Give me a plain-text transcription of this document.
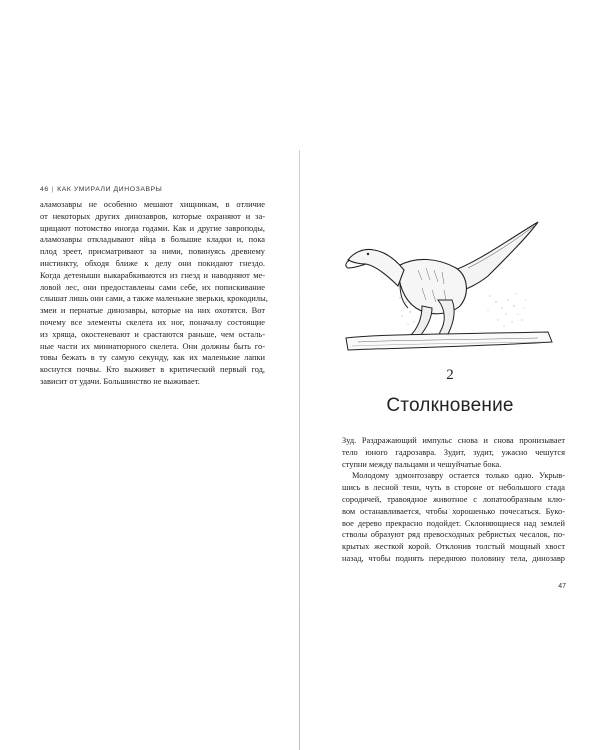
46 | КАК УМИРАЛИ ДИНОЗАВРЫ
аламозавры не особенно мешают хищникам, в отличие
от некоторых других динозавров, которые охраняют и за-
щищают потомство иногда годами. Как и другие завроподы,
аламозавры откладывают яйца в большие кладки и, пока
плод зреет, присматривают за ними, повинуясь древнему
инстинкту, обходя ближе к делу они покидают гнездо.
Когда детеныши выкарабкиваются из гнезд и наводняют ме-
ловой лес, они предоставлены сами себе, их попискивание
слышат лишь они сами, а также маленькие зверьки, крокодилы,
змеи и пернатые динозавры, которые на них охотятся. Вот
почему все элементы скелета их ног, поначалу состоящие
из хряща, окостеневают и срастаются раньше, чем осталь-
ные части их миниатюрного скелета. Они должны быть го-
товы бежать в ту самую секунду, как их маленькие лапки
коснутся почвы. Кто выживет в критический первый год,
зависит от удачи. Большинство не выживает.	2
Столкновение
Зуд. Раздражающий импульс снова и снова пронизывает
тело юного гадрозавра. Зудит, зудит, ужасно чешутся
ступни между пальцами и чешуйчатые бока.
Молодому эдмонтозавру остается только одно. Укрыв-
шись в лесной тени, чуть в стороне от небольшого стада
сородичей, травоядное животное с лопатообразным клю-
вом останавливается, чтобы хорошенько почесаться. Буко-
вое дерево прекрасно подойдет. Склоняющиеся над землей
стволы образуют ряд превосходных ребристых чесалок, по-
крытых жесткой корой. Отклонив толстый мощный хвост
назад, чтобы поднять переднюю половину тела, динозавр
47
